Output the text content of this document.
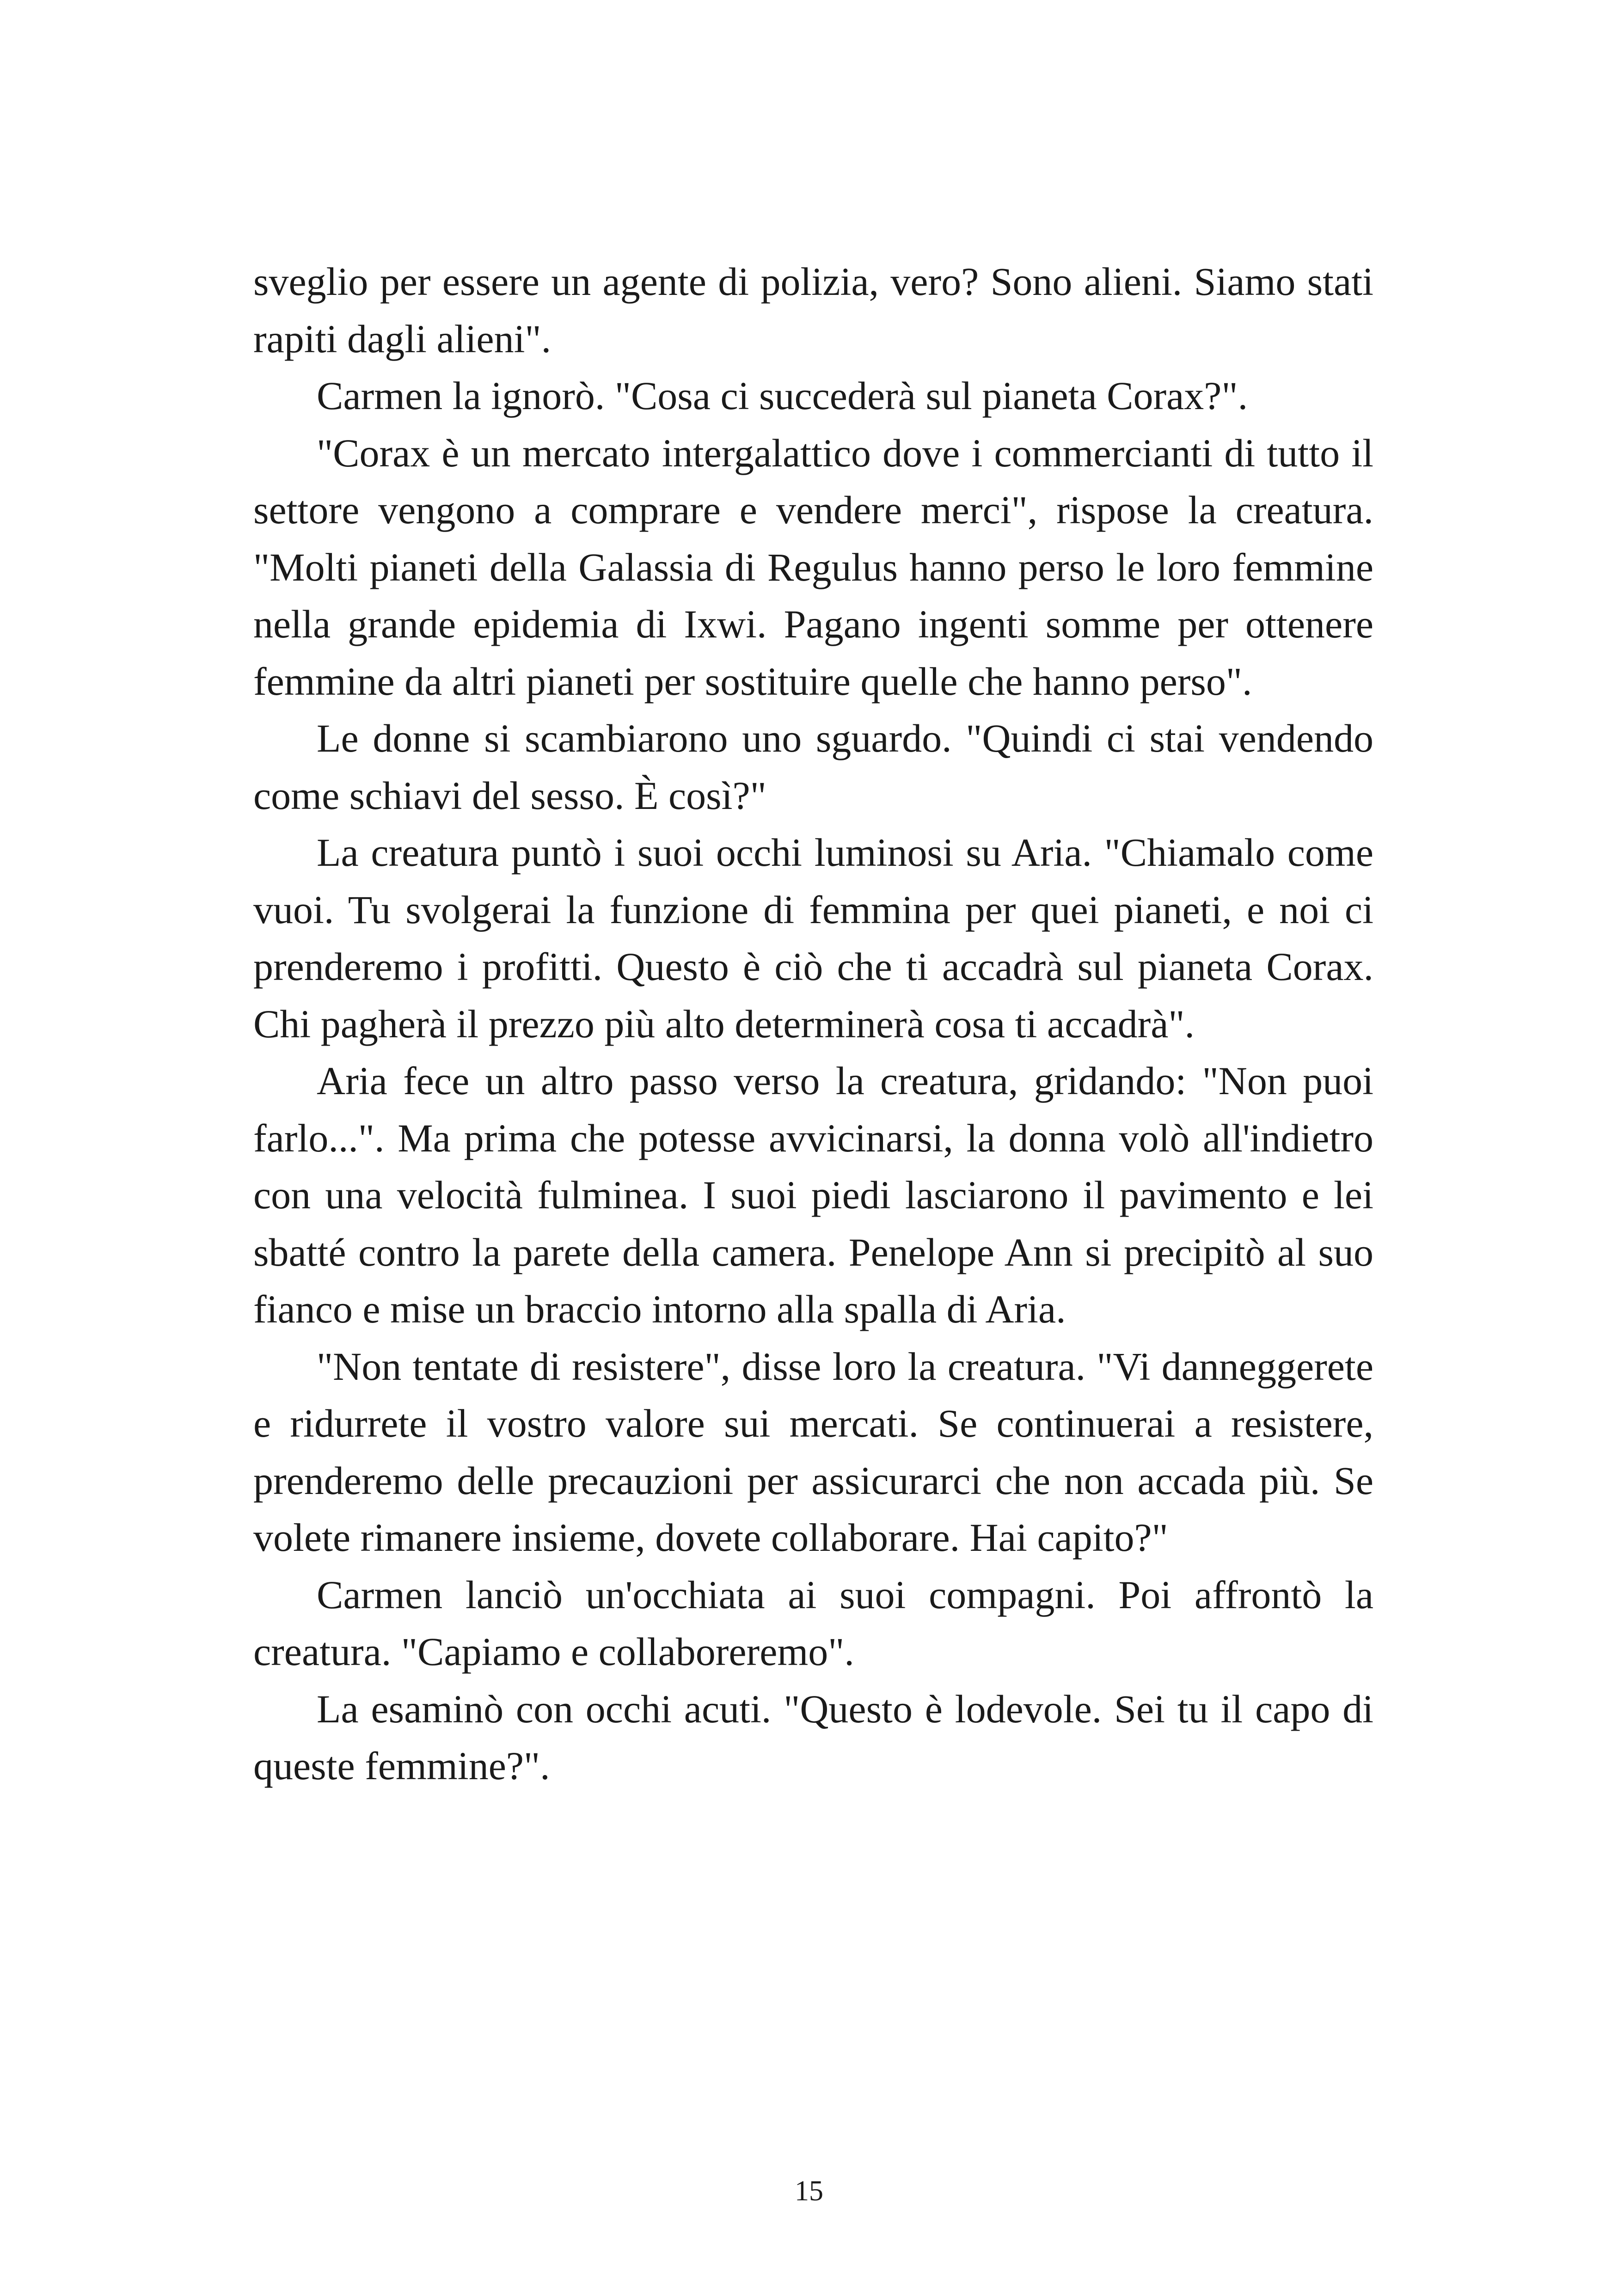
sveglio per essere un agente di polizia, vero? Sono alieni. Siamo stati rapiti dagli alieni".

Carmen la ignorò. "Cosa ci succederà sul pianeta Corax?".

"Corax è un mercato intergalattico dove i commercianti di tutto il settore vengono a comprare e vendere merci", rispose la creatura. "Molti pianeti della Galassia di Regulus hanno perso le loro femmine nella grande epidemia di Ixwi. Pagano ingenti somme per ottenere femmine da altri pianeti per sostituire quelle che hanno perso".

Le donne si scambiarono uno sguardo. "Quindi ci stai vendendo come schiavi del sesso. È così?"

La creatura puntò i suoi occhi luminosi su Aria. "Chiamalo come vuoi. Tu svolgerai la funzione di femmina per quei pianeti, e noi ci prenderemo i profitti. Questo è ciò che ti accadrà sul pianeta Corax. Chi pagherà il prezzo più alto determinerà cosa ti accadrà".

Aria fece un altro passo verso la creatura, gridando: "Non puoi farlo...". Ma prima che potesse avvicinarsi, la donna volò all'indietro con una velocità fulminea. I suoi piedi lasciarono il pavimento e lei sbatté contro la parete della camera. Penelope Ann si precipitò al suo fianco e mise un braccio intorno alla spalla di Aria.

"Non tentate di resistere", disse loro la creatura. "Vi danneggerete e ridurrete il vostro valore sui mercati. Se continuerai a resistere, prenderemo delle precauzioni per assicurarci che non accada più. Se volete rimanere insieme, dovete collaborare. Hai capito?"

Carmen lanciò un'occhiata ai suoi compagni. Poi affrontò la creatura. "Capiamo e collaboreremo".

La esaminò con occhi acuti. "Questo è lodevole. Sei tu il capo di queste femmine?".

15
